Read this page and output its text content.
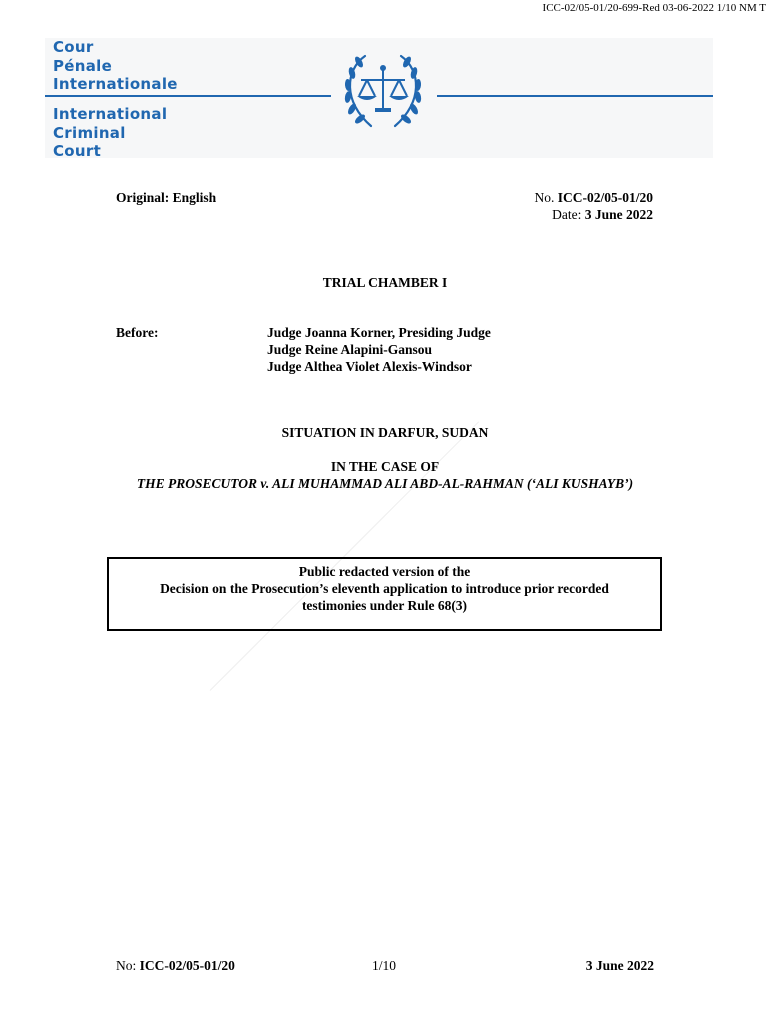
ICC-02/05-01/20-699-Red 03-06-2022 1/10 NM T
Cour
Pénale
Internationale
International
Criminal
Court
Original: English	No. ICC-02/05-01/20
Date: 3 June 2022
TRIAL CHAMBER I
Before:	Judge Joanna Korner, Presiding Judge
Judge Reine Alapini-Gansou
Judge Althea Violet Alexis-Windsor
SITUATION IN DARFUR, SUDAN
IN THE CASE OF
THE PROSECUTOR v. ALI MUHAMMAD ALI ABD-AL-RAHMAN (‘ALI KUSHAYB’)
Public redacted version of the
Decision on the Prosecution’s eleventh application to introduce prior recorded
testimonies under Rule 68(3)
No: ICC-02/05-01/20	1/10	3 June 2022
